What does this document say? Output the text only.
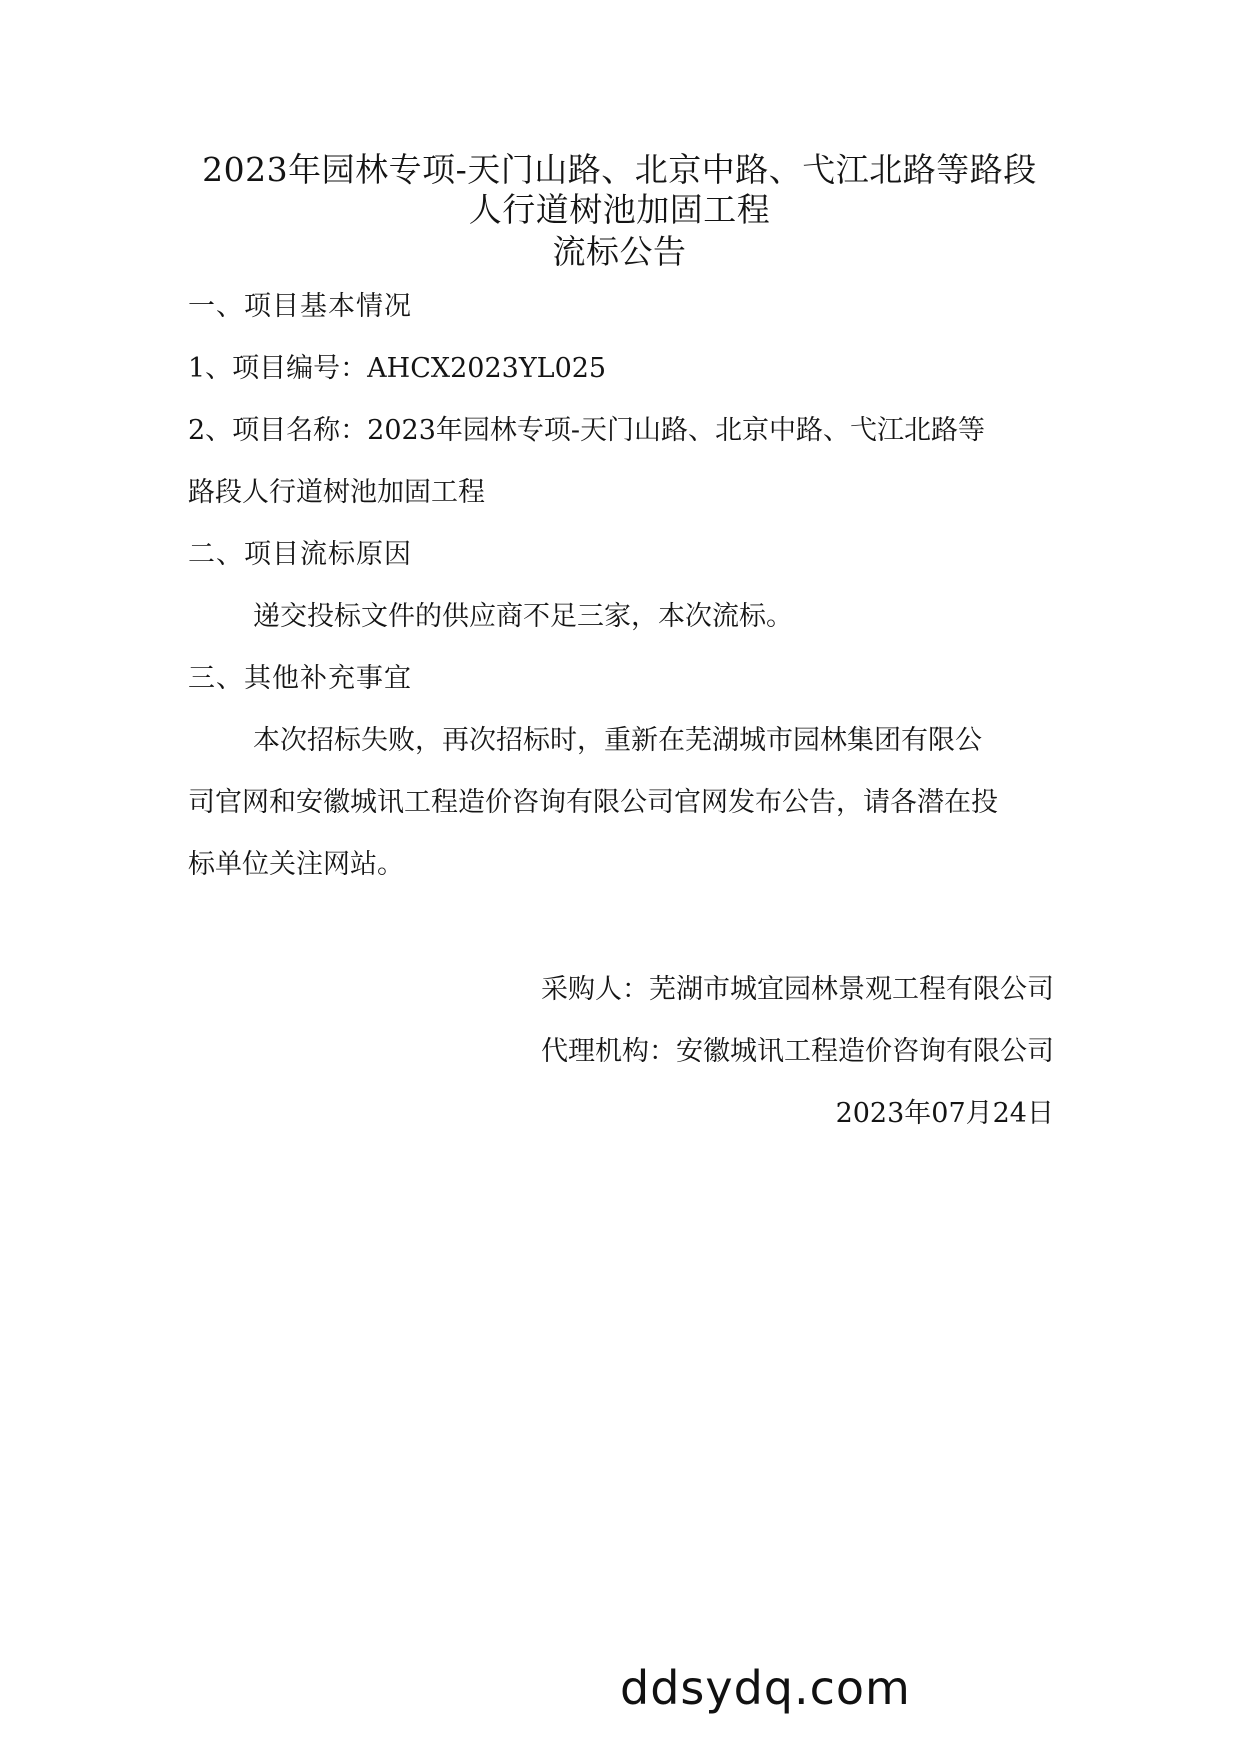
2023年园林专项-天门山路、北京中路、弋江北路等路段
人行道树池加固工程
流标公告
一、项目基本情况
1、项目编号：AHCX2023YL025
2、项目名称：2023年园林专项-天门山路、北京中路、弋江北路等
路段人行道树池加固工程
二、项目流标原因
递交投标文件的供应商不足三家，本次流标。
三、其他补充事宜
本次招标失败，再次招标时，重新在芜湖城市园林集团有限公
司官网和安徽城讯工程造价咨询有限公司官网发布公告，请各潜在投
标单位关注网站。
采购人：芜湖市城宜园林景观工程有限公司
代理机构：安徽城讯工程造价咨询有限公司
2023年07月24日
ddsydq.com
